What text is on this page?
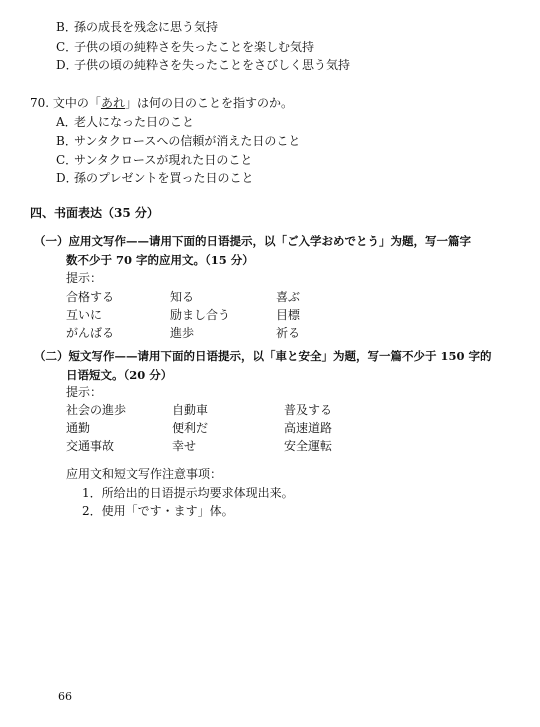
B．孫の成長を残念に思う気持
C．子供の頃の純粋さを失ったことを楽しむ気持
D．子供の頃の純粋さを失ったことをさびしく思う気持
70. 文中の「あれ」は何の日のことを指すのか。
A．老人になった日のこと
B．サンタクロースへの信頼が消えた日のこと
C．サンタクロースが現れた日のこと
D．孫のプレゼントを買った日のこと
四、书面表达（35 分）
（一）应用文写作——请用下面的日语提示，以「ご入学おめでとう」为题，写一篇字
数不少于 70 字的应用文。（15 分）
提示：
合格する	知る	喜ぶ
互いに	励まし合う	目標
がんばる	進歩	祈る
（二）短文写作——请用下面的日语提示，以「車と安全」为题，写一篇不少于 150 字的
日语短文。（20 分）
提示：
社会の進歩	自動車	普及する
通勤	便利だ	高速道路
交通事故	幸せ	安全運転
应用文和短文写作注意事项：
1．所给出的日语提示均要求体现出来。
2．使用「です・ます」体。
66
